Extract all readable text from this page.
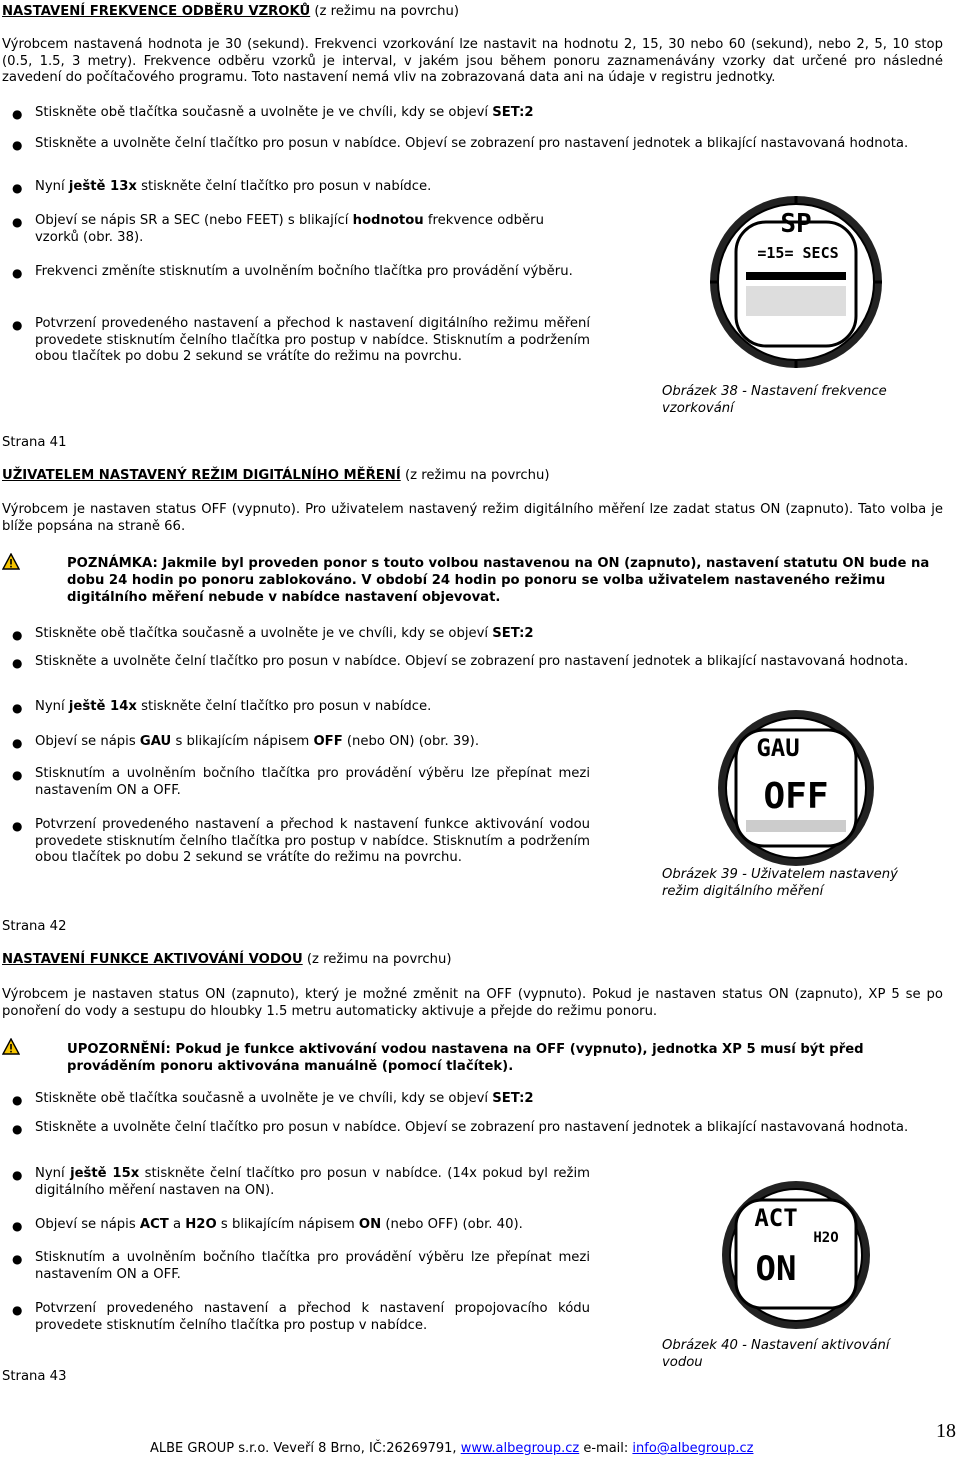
NASTAVENÍ FREKVENCE ODBĚRU VZROKŮ (z režimu na povrchu)

Výrobcem nastavená hodnota je 30 (sekund). Frekvenci vzorkování lze nastavit na hodnotu 2, 15, 30 nebo 60 (sekund), nebo 2, 5, 10 stop (0.5, 1.5, 3 metry). Frekvence odběru vzorků je interval, v jakém jsou během ponoru zaznamenávány vzorky dat určené pro následné zavedení do počítačového programu. Toto nastavení nemá vliv na zobrazovaná data ani na údaje v registru jednotky.

● Stiskněte obě tlačítka současně a uvolněte je ve chvíli, kdy se objeví SET:2
● Stiskněte a uvolněte čelní tlačítko pro posun v nabídce. Objeví se zobrazení pro nastavení jednotek a blikající nastavovaná hodnota.
● Nyní ještě 13x stiskněte čelní tlačítko pro posun v nabídce.
● Objeví se nápis SR a SEC (nebo FEET) s blikající hodnotou frekvence odběru vzorků (obr. 38).
● Frekvenci změníte stisknutím a uvolněním bočního tlačítka pro provádění výběru.
● Potvrzení provedeného nastavení a přechod k nastavení digitálního režimu měření provedete stisknutím čelního tlačítka pro postup v nabídce. Stisknutím a podržením obou tlačítek po dobu 2 sekund se vrátíte do režimu na povrchu.
SP
=15= SECS
Obrázek 38 - Nastavení frekvence vzorkování
Strana 41
UŽIVATELEM NASTAVENÝ REŽIM DIGITÁLNÍHO MĚŘENÍ (z režimu na povrchu)

Výrobcem je nastaven status OFF (vypnuto). Pro uživatelem nastavený režim digitálního měření lze zadat status ON (zapnuto). Tato volba je blíže popsána na straně 66.

POZNÁMKA: Jakmile byl proveden ponor s touto volbou nastavenou na ON (zapnuto), nastavení statutu ON bude na dobu 24 hodin po ponoru zablokováno. V období 24 hodin po ponoru se volba uživatelem nastaveného režimu digitálního měření nebude v nabídce nastavení objevovat.
● Stiskněte obě tlačítka současně a uvolněte je ve chvíli, kdy se objeví SET:2
● Stiskněte a uvolněte čelní tlačítko pro posun v nabídce. Objeví se zobrazení pro nastavení jednotek a blikající nastavovaná hodnota.
● Nyní ještě 14x stiskněte čelní tlačítko pro posun v nabídce.
● Objeví se nápis GAU s blikajícím nápisem OFF (nebo ON) (obr. 39).
● Stisknutím a uvolněním bočního tlačítka pro provádění výběru lze přepínat mezi nastavením ON a OFF.
● Potvrzení provedeného nastavení a přechod k nastavení funkce aktivování vodou provedete stisknutím čelního tlačítka pro postup v nabídce. Stisknutím a podržením obou tlačítek po dobu 2 sekund se vrátíte do režimu na povrchu.
GAU
OFF
Obrázek 39 - Uživatelem nastavený režim digitálního měření
Strana 42
NASTAVENÍ FUNKCE AKTIVOVÁNÍ VODOU (z režimu na povrchu)

Výrobcem je nastaven status ON (zapnuto), který je možné změnit na OFF (vypnuto). Pokud je nastaven status ON (zapnuto), XP 5 se po ponoření do vody a sestupu do hloubky 1.5 metru automaticky aktivuje a přejde do režimu ponoru.

UPOZORNĚNÍ: Pokud je funkce aktivování vodou nastavena na OFF (vypnuto), jednotka XP 5 musí být před prováděním ponoru aktivována manuálně (pomocí tlačítek).
● Stiskněte obě tlačítka současně a uvolněte je ve chvíli, kdy se objeví SET:2
● Stiskněte a uvolněte čelní tlačítko pro posun v nabídce. Objeví se zobrazení pro nastavení jednotek a blikající nastavovaná hodnota.
● Nyní ještě 15x stiskněte čelní tlačítko pro posun v nabídce. (14x pokud byl režim digitálního měření nastaven na ON).
● Objeví se nápis ACT a H2O s blikajícím nápisem ON (nebo OFF) (obr. 40).
● Stisknutím a uvolněním bočního tlačítka pro provádění výběru lze přepínat mezi nastavením ON a OFF.
● Potvrzení provedeného nastavení a přechod k nastavení propojovacího kódu provedete stisknutím čelního tlačítka pro postup v nabídce.
ACT
H2O
ON
Obrázek 40 - Nastavení aktivování vodou
Strana 43
18
ALBE GROUP s.r.o. Veveří 8 Brno, IČ:26269791, www.albegroup.cz e-mail: info@albegroup.cz
